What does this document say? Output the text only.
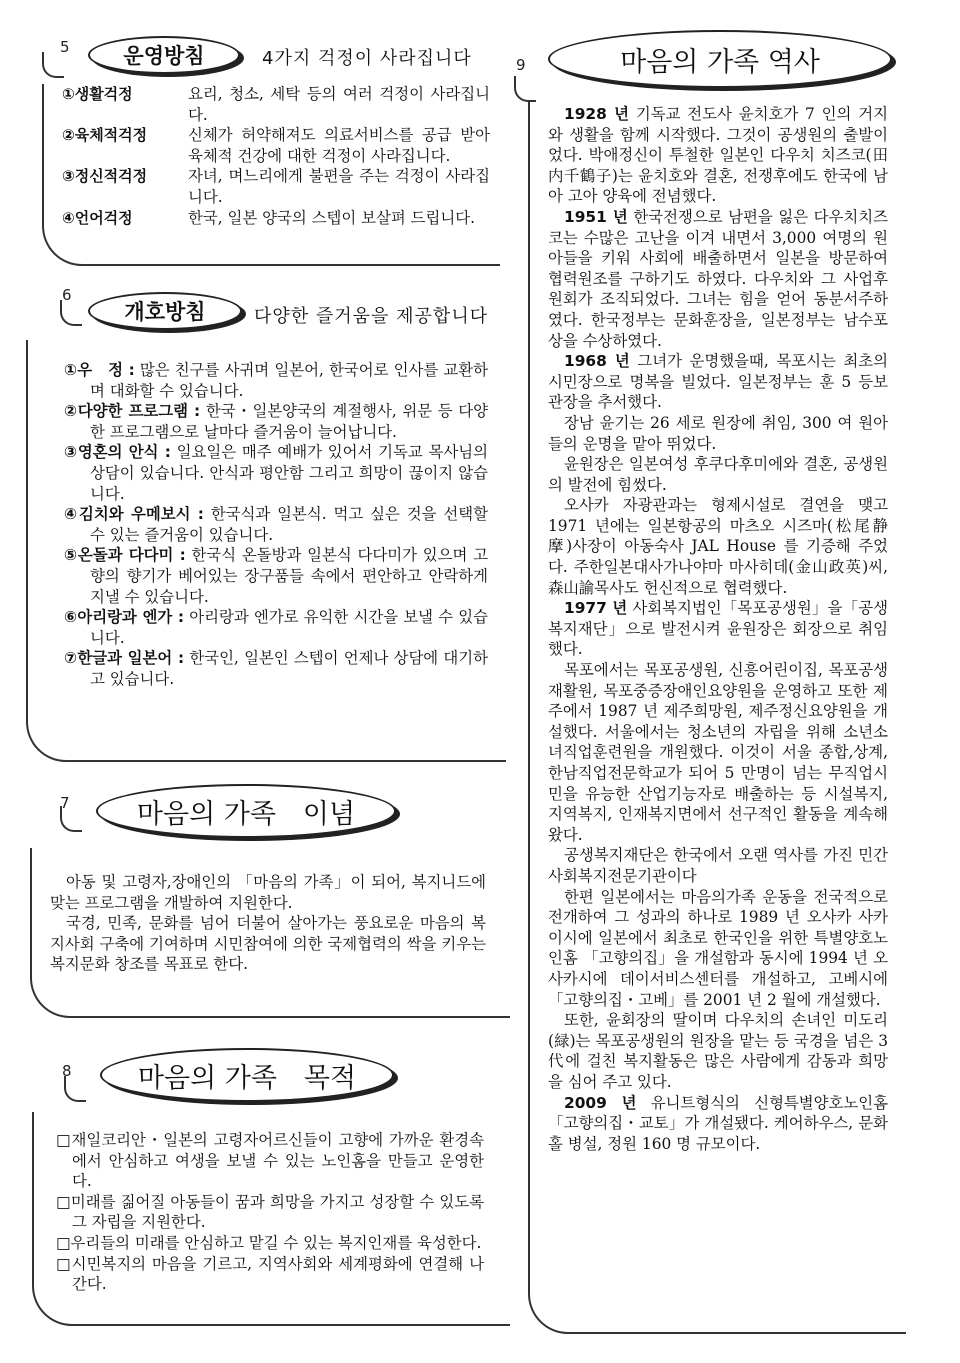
5	운영방침	4가지 걱정이 사라집니다
①생활걱정	요리, 청소, 세탁 등의 여러 걱정이 사라집니다.
②육체적걱정	신체가 허약해져도 의료서비스를 공급 받아 육체적 건강에 대한 걱정이 사라집니다.
③정신적걱정	자녀, 며느리에게 불편을 주는 걱정이 사라집니다.
④언어걱정	한국, 일본 양국의 스텝이 보살펴 드립니다.
6
개호방침	다양한 즐거움을 제공합니다

①우　정 : 많은 친구를 사귀며 일본어, 한국어로 인사를 교환하며 대화할 수 있습니다.

②다양한 프로그램 : 한국・일본양국의 계절행사, 위문 등 다양한 프로그램으로 날마다 즐거움이 늘어납니다.

③영혼의 안식 : 일요일은 매주 예배가 있어서 기독교 목사님의 상담이 있습니다. 안식과 평안함 그리고 희망이 끊이지 않습니다.

④김치와 우메보시 : 한국식과 일본식. 먹고 싶은 것을 선택할 수 있는 즐거움이 있습니다.

⑤온돌과 다다미 : 한국식 온돌방과 일본식 다다미가 있으며 고향의 향기가 베어있는 장구품들 속에서 편안하고 안락하게 지낼 수 있습니다.

⑥아리랑과 엔가 : 아리랑과 엔가로 유익한 시간을 보낼 수 있습니다.

⑦한글과 일본어 : 한국인, 일본인 스텝이 언제나 상담에 대기하고 있습니다.

7	마음의 가족　이념

아동 및 고령자,장애인의 「마음의 가족」이 되어, 복지니드에 맞는 프로그램을 개발하여 지원한다.

국경, 민족, 문화를 넘어 더불어 살아가는 풍요로운 마음의 복지사회 구축에 기여하며 시민참여에 의한 국제협력의 싹을 키우는 복지문화 창조를 목표로 한다.

8	마음의 가족　목적

□재일코리안・일본의 고령자어르신들이 고향에 가까운 환경속에서 안심하고 여생을 보낼 수 있는 노인홈을 만들고 운영한다.

□미래를 짊어질 아동들이 꿈과 희망을 가지고 성장할 수 있도록 그 자립을 지원한다.

□우리들의 미래를 안심하고 맡길 수 있는 복지인재를 육성한다.

□시민복지의 마음을 기르고, 지역사회와 세계평화에 연결해 나간다.

9	마음의 가족 역사

1928 년 기독교 전도사 윤치호가 7 인의 거지와 생활을 함께 시작했다. 그것이 공생원의 출발이었다. 박애정신이 투철한 일본인 다우치 치즈코(田内千鶴子)는 윤치호와 결혼, 전쟁후에도 한국에 남아 고아 양육에 전념했다.

1951 년 한국전쟁으로 남편을 잃은 다우치치즈코는 수많은 고난을 이겨 내면서 3,000 여명의 원아들을 키워 사회에 배출하면서 일본을 방문하여 협력원조를 구하기도 하였다. 다우치와 그 사업후원회가 조직되었다. 그녀는 힘을 얻어 동분서주하였다. 한국정부는 문화훈장을, 일본정부는 남수포상을 수상하였다.

1968 년 그녀가 운명했을때, 목포시는 최초의 시민장으로 명복을 빌었다. 일본정부는 훈 5 등보관장을 추서했다.

장남 윤기는 26 세로 원장에 취임, 300 여 원아들의 운명을 맡아 뛰었다.

윤원장은 일본여성 후쿠다후미에와 결혼, 공생원의 발전에 힘썼다.

오사카 자광관과는 형제시설로 결연을 맺고 1971 년에는 일본항공의 마츠오 시즈마(松尾静摩)사장이 아동숙사 JAL House 를 기증해 주었다. 주한일본대사가나야마 마사히데(金山政英)씨, 森山諭목사도 헌신적으로 협력했다.

1977 년 사회복지법인「목포공생원」을「공생복지재단」으로 발전시켜 윤원장은 회장으로 취임했다.

목포에서는 목포공생원, 신흥어린이집, 목포공생재활원, 목포중증장애인요양원을 운영하고 또한 제주에서 1987 년 제주희망원, 제주정신요양원을 개설했다. 서울에서는 청소년의 자립을 위해 소년소녀직업훈련원을 개원했다. 이것이 서울 종합,상계, 한남직업전문학교가 되어 5 만명이 넘는 무직업시민을 유능한 산업기능자로 배출하는 등 시설복지, 지역복지, 인재복지면에서 선구적인 활동을 계속해왔다.

공생복지재단은 한국에서 오랜 역사를 가진 민간사회복지전문기관이다

한편 일본에서는 마음의가족 운동을 전국적으로 전개하여 그 성과의 하나로 1989 년 오사카 사카이시에 일본에서 최초로 한국인을 위한 특별양호노인홈 「고향의집」을 개설함과 동시에 1994 년 오사카시에 데이서비스센터를 개설하고, 고베시에 「고향의집・고베」를 2001 년 2 월에 개설했다.

또한, 윤회장의 딸이며 다우치의 손녀인 미도리(緑)는 목포공생원의 원장을 맡는 등 국경을 넘은 3代에 걸친 복지활동은 많은 사람에게 감동과 희망을 심어 주고 있다.

2009 년 유니트형식의 신형특별양호노인홈 「고향의집・교토」가 개설됐다. 케어하우스, 문화홀 병설, 정원 160 명 규모이다.
